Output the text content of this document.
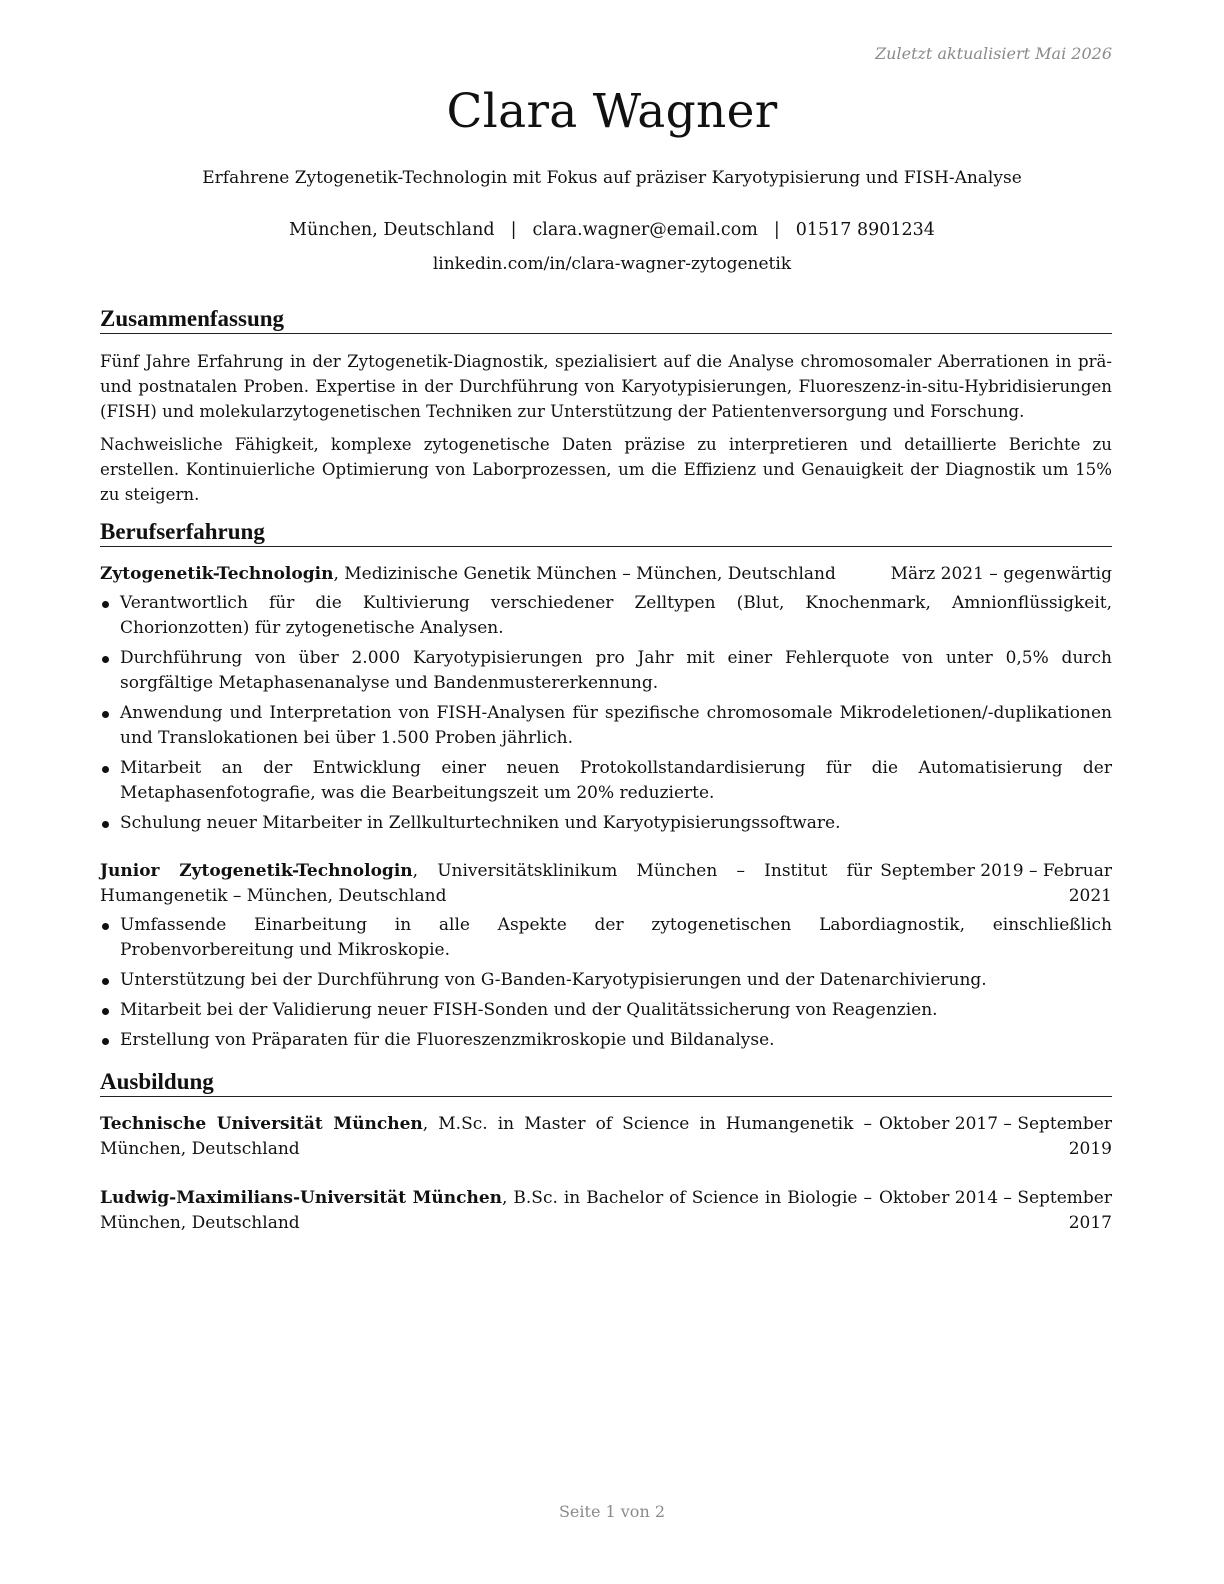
Zuletzt aktualisiert Mai 2026
Clara Wagner
Erfahrene Zytogenetik-Technologin mit Fokus auf präziser Karyotypisierung und FISH-Analyse
München, Deutschland | clara.wagner@email.com | 01517 8901234
linkedin.com/in/clara-wagner-zytogenetik
Zusammenfassung

Fünf Jahre Erfahrung in der Zytogenetik-Diagnostik, spezialisiert auf die Analyse chromosomaler Aberrationen in prä- und postnatalen Proben. Expertise in der Durchführung von Karyotypisierungen, Fluoreszenz-in-situ-Hybridisierungen (FISH) und molekularzytogenetischen Techniken zur Unterstützung der Patientenversorgung und Forschung.

Nachweisliche Fähigkeit, komplexe zytogenetische Daten präzise zu interpretieren und detaillierte Berichte zu erstellen. Kontinuierliche Optimierung von Laborprozessen, um die Effizienz und Genauigkeit der Diagnostik um 15% zu steigern.

Berufserfahrung
Zytogenetik-Technologin, Medizinische Genetik München – München, Deutschland	März 2021 – gegenwärtig
Verantwortlich für die Kultivierung verschiedener Zelltypen (Blut, Knochenmark, Amnionflüssigkeit, Chorionzotten) für zytogenetische Analysen.
Durchführung von über 2.000 Karyotypisierungen pro Jahr mit einer Fehlerquote von unter 0,5% durch sorgfältige Metaphasenanalyse und Bandenmustererkennung.
Anwendung und Interpretation von FISH-Analysen für spezifische chromosomale Mikrodeletionen/-duplikationen und Translokationen bei über 1.500 Proben jährlich.
Mitarbeit an der Entwicklung einer neuen Protokollstandardisierung für die Automatisierung der Metaphasenfotografie, was die Bearbeitungszeit um 20% reduzierte.
Schulung neuer Mitarbeiter in Zellkulturtechniken und Karyotypisierungssoftware.
Junior Zytogenetik-Technologin, Universitätsklinikum München – Institut für Humangenetik – München, Deutschland
September 2019 – Februar 2021
Umfassende Einarbeitung in alle Aspekte der zytogenetischen Labordiagnostik, einschließlich Probenvorbereitung und Mikroskopie.
Unterstützung bei der Durchführung von G-Banden-Karyotypisierungen und der Datenarchivierung.
Mitarbeit bei der Validierung neuer FISH-Sonden und der Qualitätssicherung von Reagenzien.
Erstellung von Präparaten für die Fluoreszenzmikroskopie und Bildanalyse.
Ausbildung
Technische Universität München, M.Sc. in Master of Science in Humangenetik – München, Deutschland
Oktober 2017 – September 2019
Ludwig-Maximilians-Universität München, B.Sc. in Bachelor of Science in Biologie – München, Deutschland
Oktober 2014 – September 2017
Seite 1 von 2
